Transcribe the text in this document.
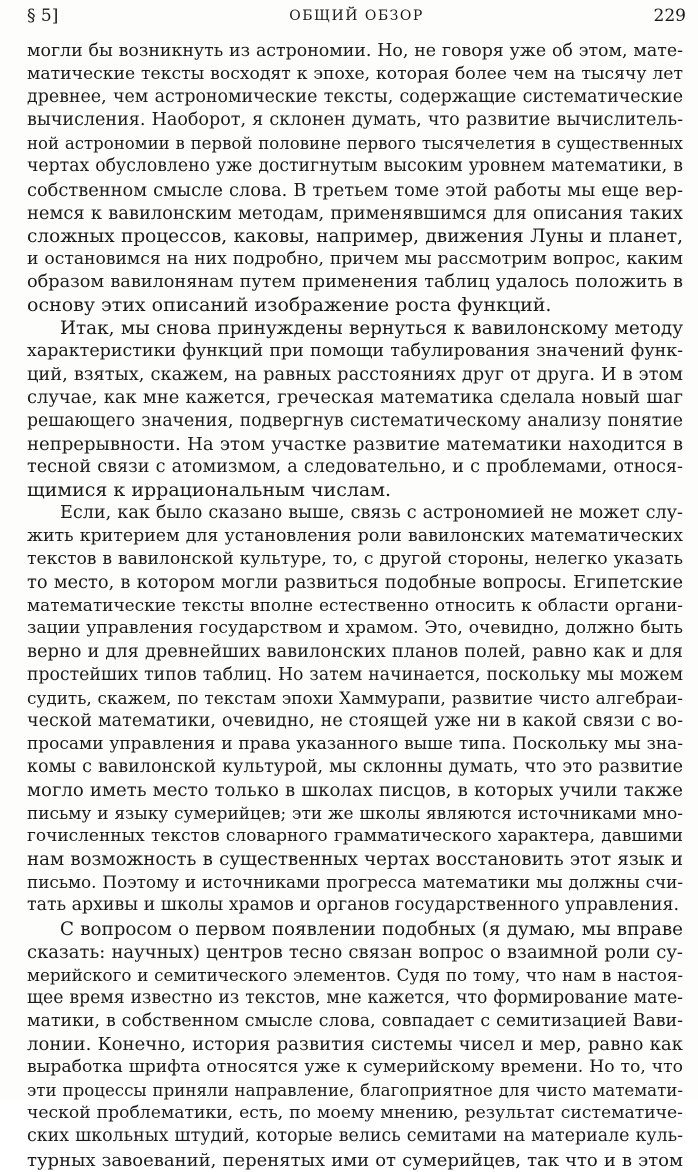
§ 5]	ОБЩИЙ ОБЗОР	229
могли бы возникнуть из астрономии. Но, не говоря уже об этом, мате-
матические тексты восходят к эпохе, которая более чем на тысячу лет
древнее, чем астрономические тексты, содержащие систематические
вычисления. Наоборот, я склонен думать, что развитие вычислитель-
ной астрономии в первой половине первого тысячелетия в существенных
чертах обусловлено уже достигнутым высоким уровнем математики, в
собственном смысле слова. В третьем томе этой работы мы еще вер-
немся к вавилонским методам, применявшимся для описания таких
сложных процессов, каковы, например, движения Луны и планет,
и остановимся на них подробно, причем мы рассмотрим вопрос, каким
образом вавилонянам путем применения таблиц удалось положить в
основу этих описаний изображение роста функций.
Итак, мы снова принуждены вернуться к вавилонскому методу
характеристики функций при помощи табулирования значений функ-
ций, взятых, скажем, на равных расстояниях друг от друга. И в этом
случае, как мне кажется, греческая математика сделала новый шаг
решающего значения, подвергнув систематическому анализу понятие
непрерывности. На этом участке развитие математики находится в
тесной связи с атомизмом, а следовательно, и с проблемами, относя-
щимися к иррациональным числам.
Если, как было сказано выше, связь с астрономией не может слу-
жить критерием для установления роли вавилонских математических
текстов в вавилонской культуре, то, с другой стороны, нелегко указать
то место, в котором могли развиться подобные вопросы. Египетские
математические тексты вполне естественно относить к области органи-
зации управления государством и храмом. Это, очевидно, должно быть
верно и для древнейших вавилонских планов полей, равно как и для
простейших типов таблиц. Но затем начинается, поскольку мы можем
судить, скажем, по текстам эпохи Хаммурапи, развитие чисто алгебраи-
ческой математики, очевидно, не стоящей уже ни в какой связи с во-
просами управления и права указанного выше типа. Поскольку мы зна-
комы с вавилонской культурой, мы склонны думать, что это развитие
могло иметь место только в школах писцов, в которых учили также
письму и языку сумерийцев; эти же школы являются источниками мно-
гочисленных текстов словарного грамматического характера, давшими
нам возможность в существенных чертах восстановить этот язык и
письмо. Поэтому и источниками прогресса математики мы должны счи-
тать архивы и школы храмов и органов государственного управления.
С вопросом о первом появлении подобных (я думаю, мы вправе
сказать: научных) центров тесно связан вопрос о взаимной роли су-
мерийского и семитического элементов. Судя по тому, что нам в настоя-
щее время известно из текстов, мне кажется, что формирование мате-
матики, в собственном смысле слова, совпадает с семитизацией Вави-
лонии. Конечно, история развития системы чисел и мер, равно как
выработка шрифта относятся уже к сумерийскому времени. Но то, что
эти процессы приняли направление, благоприятное для чисто математи-
ческой проблематики, есть, по моему мнению, результат систематиче-
ских школьных штудий, которые велись семитами на материале куль-
турных завоеваний, перенятых ими от сумерийцев, так что и в этом
